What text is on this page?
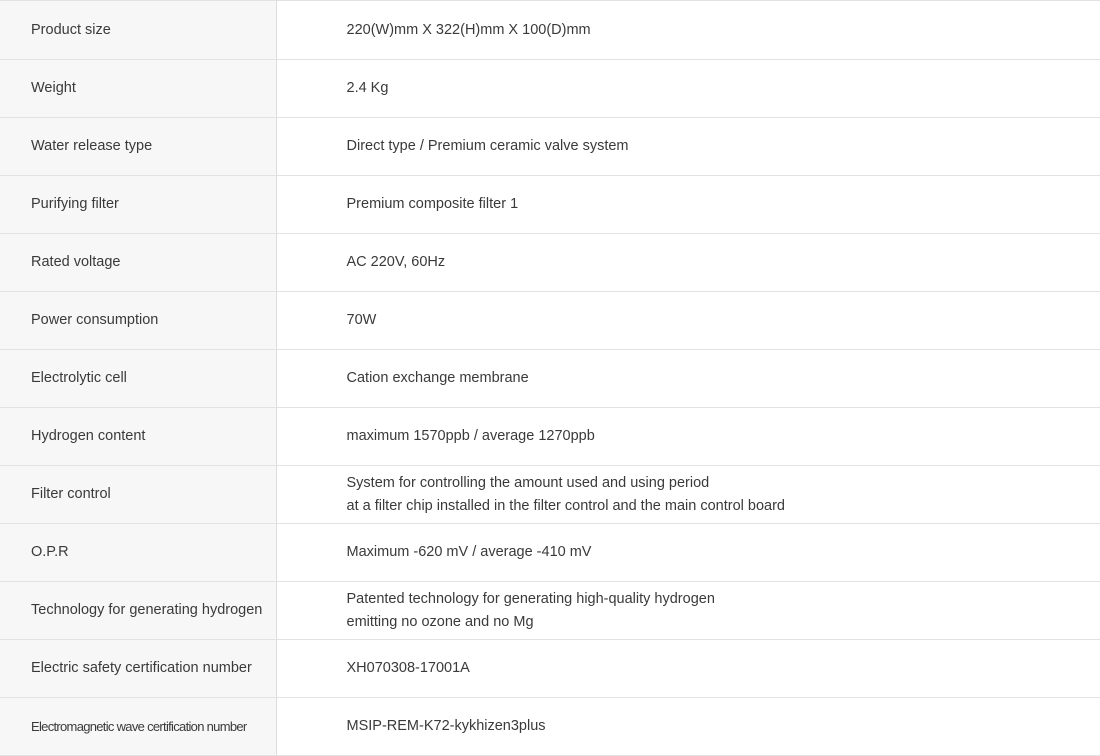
Product size	220(W)mm X 322(H)mm X 100(D)mm

Weight	2.4 Kg

Water release type	Direct type / Premium ceramic valve system

Purifying filter	Premium composite filter 1

Rated voltage	AC 220V, 60Hz

Power consumption	70W

Electrolytic cell	Cation exchange membrane

Hydrogen content	maximum 1570ppb / average 1270ppb

Filter control	System for controlling the amount used and using period
at a filter chip installed in the filter control and the main control board

O.P.R	Maximum -620 mV / average -410 mV

Technology for generating hydrogen	Patented technology for generating high-quality hydrogen
emitting no ozone and no Mg

Electric safety certification number	XH070308-17001A

Electromagnetic wave certification number	MSIP-REM-K72-kykhizen3plus
